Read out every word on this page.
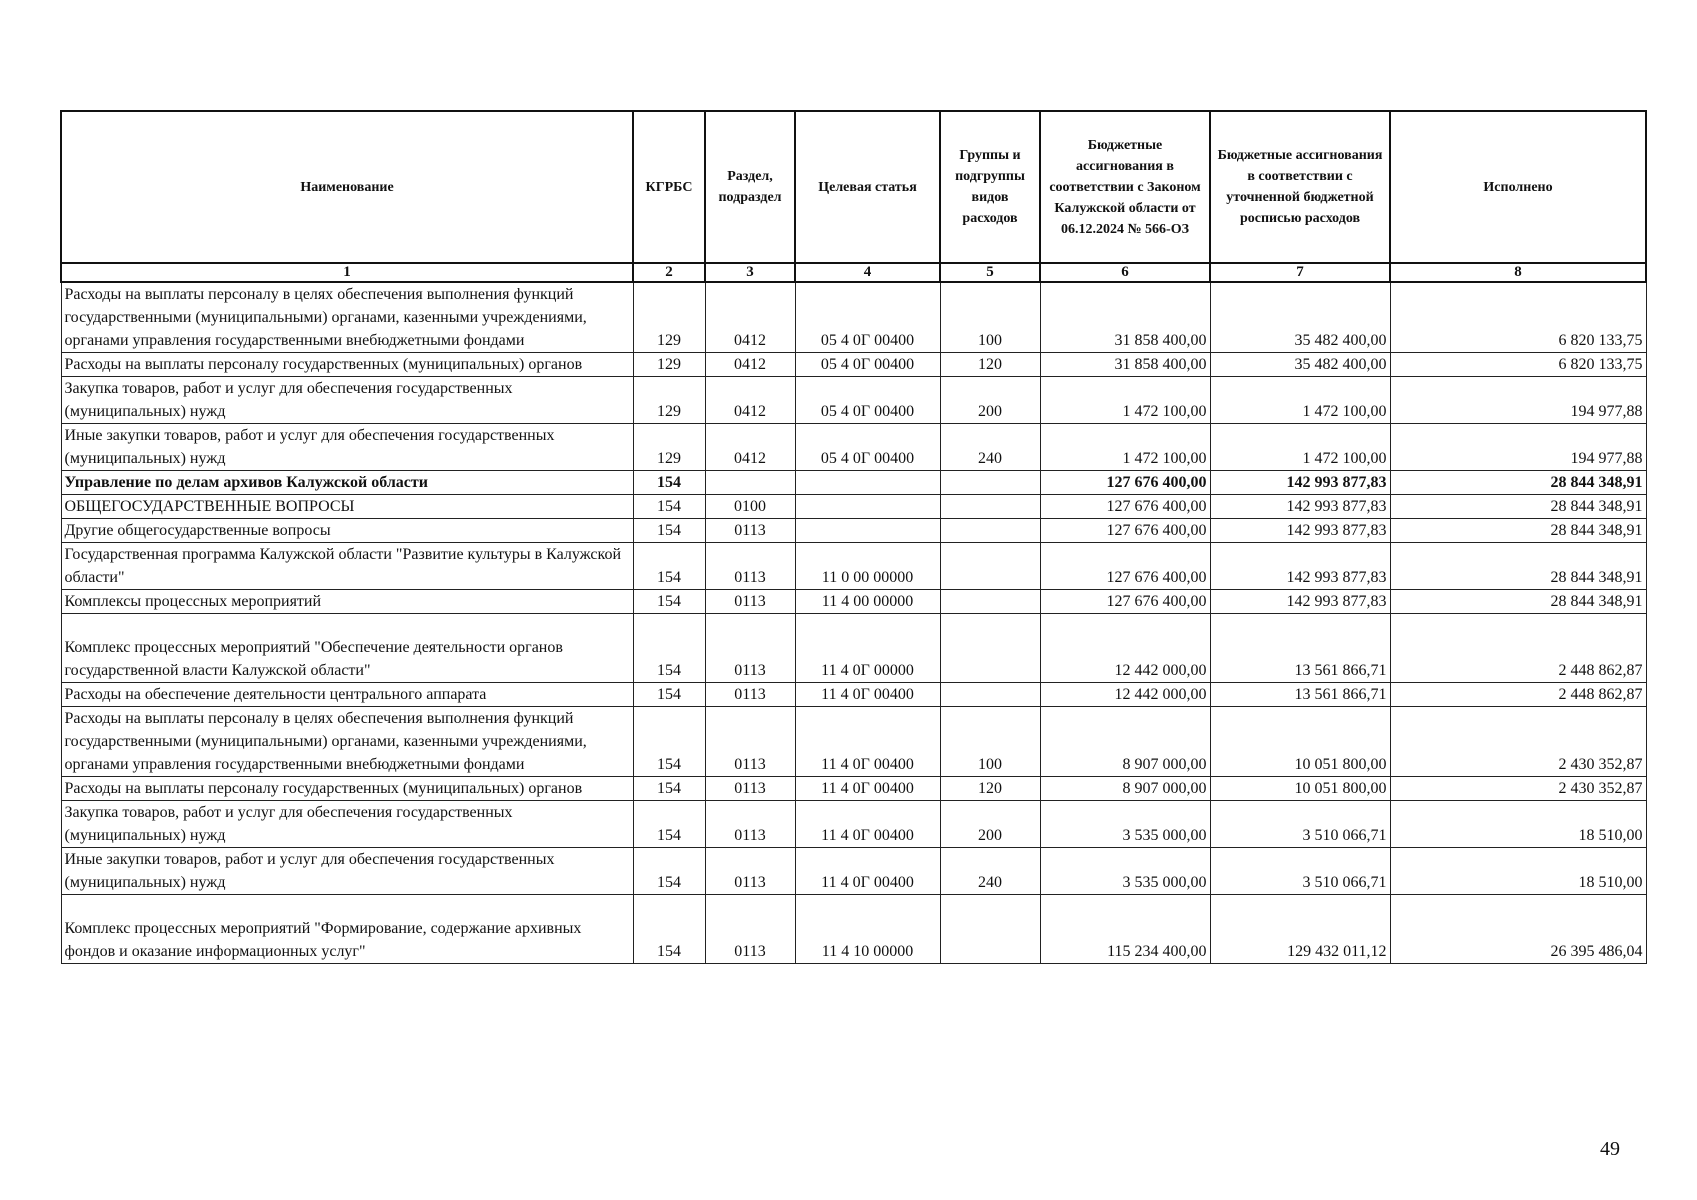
Наименование	КГРБС	Раздел, подраздел	Целевая статья	Группы и подгруппы видов расходов	Бюджетные ассигнования в соответствии с Законом Калужской области от 06.12.2024 № 566-ОЗ	Бюджетные ассигнования в соответствии с уточненной бюджетной росписью расходов	Исполнено
1	2	3	4	5	6	7	8
Расходы на выплаты персоналу в целях обеспечения выполнения функций государственными (муниципальными) органами, казенными учреждениями, органами управления государственными внебюджетными фондами	129	0412	05 4 0Г 00400	100	31 858 400,00	35 482 400,00	6 820 133,75
Расходы на выплаты персоналу государственных (муниципальных) органов	129	0412	05 4 0Г 00400	120	31 858 400,00	35 482 400,00	6 820 133,75
Закупка товаров, работ и услуг для обеспечения государственных (муниципальных) нужд	129	0412	05 4 0Г 00400	200	1 472 100,00	1 472 100,00	194 977,88
Иные закупки товаров, работ и услуг для обеспечения государственных (муниципальных) нужд	129	0412	05 4 0Г 00400	240	1 472 100,00	1 472 100,00	194 977,88
Управление по делам архивов Калужской области	154				127 676 400,00	142 993 877,83	28 844 348,91
ОБЩЕГОСУДАРСТВЕННЫЕ ВОПРОСЫ	154	0100			127 676 400,00	142 993 877,83	28 844 348,91
Другие общегосударственные вопросы	154	0113			127 676 400,00	142 993 877,83	28 844 348,91
Государственная программа Калужской области "Развитие культуры в Калужской области"	154	0113	11 0 00 00000		127 676 400,00	142 993 877,83	28 844 348,91
Комплексы процессных мероприятий	154	0113	11 4 00 00000		127 676 400,00	142 993 877,83	28 844 348,91
Комплекс процессных мероприятий "Обеспечение деятельности органов государственной власти Калужской области"	154	0113	11 4 0Г 00000		12 442 000,00	13 561 866,71	2 448 862,87
Расходы на обеспечение деятельности центрального аппарата	154	0113	11 4 0Г 00400		12 442 000,00	13 561 866,71	2 448 862,87
Расходы на выплаты персоналу в целях обеспечения выполнения функций государственными (муниципальными) органами, казенными учреждениями, органами управления государственными внебюджетными фондами	154	0113	11 4 0Г 00400	100	8 907 000,00	10 051 800,00	2 430 352,87
Расходы на выплаты персоналу государственных (муниципальных) органов	154	0113	11 4 0Г 00400	120	8 907 000,00	10 051 800,00	2 430 352,87
Закупка товаров, работ и услуг для обеспечения государственных (муниципальных) нужд	154	0113	11 4 0Г 00400	200	3 535 000,00	3 510 066,71	18 510,00
Иные закупки товаров, работ и услуг для обеспечения государственных (муниципальных) нужд	154	0113	11 4 0Г 00400	240	3 535 000,00	3 510 066,71	18 510,00
Комплекс процессных мероприятий "Формирование, содержание архивных фондов и оказание информационных услуг"	154	0113	11 4 10 00000		115 234 400,00	129 432 011,12	26 395 486,04
49
